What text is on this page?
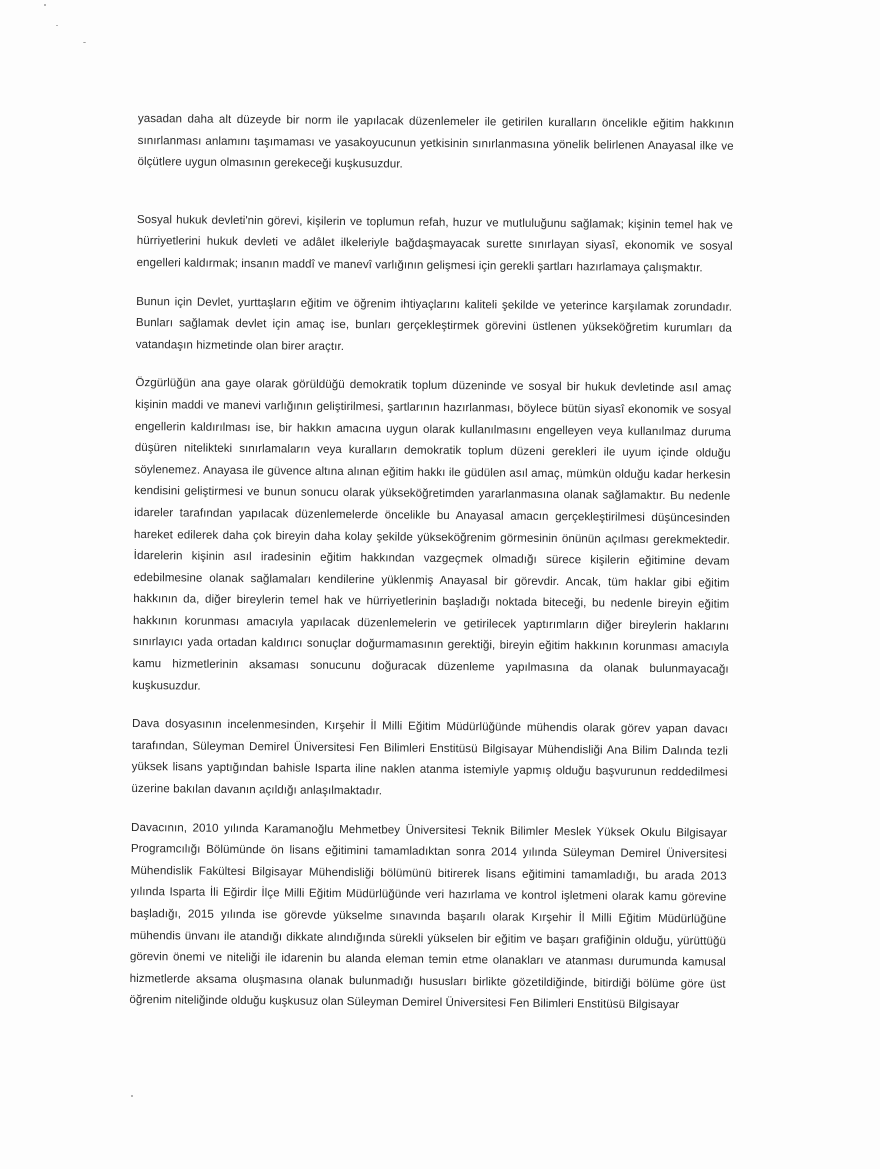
yasadan daha alt düzeyde bir norm ile yapılacak düzenlemeler ile getirilen kuralların öncelikle eğitim hakkının sınırlanması anlamını taşımaması ve yasakoyucunun yetkisinin sınırlanmasına yönelik belirlenen Anayasal ilke ve ölçütlere uygun olmasının gerekeceği kuşkusuzdur.

Sosyal hukuk devleti'nin görevi, kişilerin ve toplumun refah, huzur ve mutluluğunu sağlamak; kişinin temel hak ve hürriyetlerini hukuk devleti ve adâlet ilkeleriyle bağdaşmayacak surette sınırlayan siyasî, ekonomik ve sosyal engelleri kaldırmak; insanın maddî ve manevî varlığının gelişmesi için gerekli şartları hazırlamaya çalışmaktır.

Bunun için Devlet, yurttaşların eğitim ve öğrenim ihtiyaçlarını kaliteli şekilde ve yeterince karşılamak zorundadır. Bunları sağlamak devlet için amaç ise, bunları gerçekleştirmek görevini üstlenen yükseköğretim kurumları da vatandaşın hizmetinde olan birer araçtır.

Özgürlüğün ana gaye olarak görüldüğü demokratik toplum düzeninde ve sosyal bir hukuk devletinde asıl amaç kişinin maddi ve manevi varlığının geliştirilmesi, şartlarının hazırlanması, böylece bütün siyasî ekonomik ve sosyal engellerin kaldırılması ise, bir hakkın amacına uygun olarak kullanılmasını engelleyen veya kullanılmaz duruma düşüren nitelikteki sınırlamaların veya kuralların demokratik toplum düzeni gerekleri ile uyum içinde olduğu söylenemez. Anayasa ile güvence altına alınan eğitim hakkı ile güdülen asıl amaç, mümkün olduğu kadar herkesin kendisini geliştirmesi ve bunun sonucu olarak yükseköğretimden yararlanmasına olanak sağlamaktır. Bu nedenle idareler tarafından yapılacak düzenlemelerde öncelikle bu Anayasal amacın gerçekleştirilmesi düşüncesinden hareket edilerek daha çok bireyin daha kolay şekilde yükseköğrenim görmesinin önünün açılması gerekmektedir. İdarelerin kişinin asıl iradesinin eğitim hakkından vazgeçmek olmadığı sürece kişilerin eğitimine devam edebilmesine olanak sağlamaları kendilerine yüklenmiş Anayasal bir görevdir. Ancak, tüm haklar gibi eğitim hakkının da, diğer bireylerin temel hak ve hürriyetlerinin başladığı noktada biteceği, bu nedenle bireyin eğitim hakkının korunması amacıyla yapılacak düzenlemelerin ve getirilecek yaptırımların diğer bireylerin haklarını sınırlayıcı yada ortadan kaldırıcı sonuçlar doğurmamasının gerektiği, bireyin eğitim hakkının korunması amacıyla kamu hizmetlerinin aksaması sonucunu doğuracak düzenleme yapılmasına da olanak bulunmayacağı kuşkusuzdur.

Dava dosyasının incelenmesinden, Kırşehir İl Milli Eğitim Müdürlüğünde mühendis olarak görev yapan davacı tarafından, Süleyman Demirel Üniversitesi Fen Bilimleri Enstitüsü Bilgisayar Mühendisliği Ana Bilim Dalında tezli yüksek lisans yaptığından bahisle Isparta iline naklen atanma istemiyle yapmış olduğu başvurunun reddedilmesi üzerine bakılan davanın açıldığı anlaşılmaktadır.

Davacının, 2010 yılında Karamanoğlu Mehmetbey Üniversitesi Teknik Bilimler Meslek Yüksek Okulu Bilgisayar Programcılığı Bölümünde ön lisans eğitimini tamamladıktan sonra 2014 yılında Süleyman Demirel Üniversitesi Mühendislik Fakültesi Bilgisayar Mühendisliği bölümünü bitirerek lisans eğitimini tamamladığı, bu arada 2013 yılında Isparta İli Eğirdir İlçe Milli Eğitim Müdürlüğünde veri hazırlama ve kontrol işletmeni olarak kamu görevine başladığı, 2015 yılında ise görevde yükselme sınavında başarılı olarak Kırşehir İl Milli Eğitim Müdürlüğüne mühendis ünvanı ile atandığı dikkate alındığında sürekli yükselen bir eğitim ve başarı grafiğinin olduğu, yürüttüğü görevin önemi ve niteliği ile idarenin bu alanda eleman temin etme olanakları ve atanması durumunda kamusal hizmetlerde aksama oluşmasına olanak bulunmadığı hususları birlikte gözetildiğinde, bitirdiği bölüme göre üst öğrenim niteliğinde olduğu kuşkusuz olan Süleyman Demirel Üniversitesi Fen Bilimleri Enstitüsü Bilgisayar
